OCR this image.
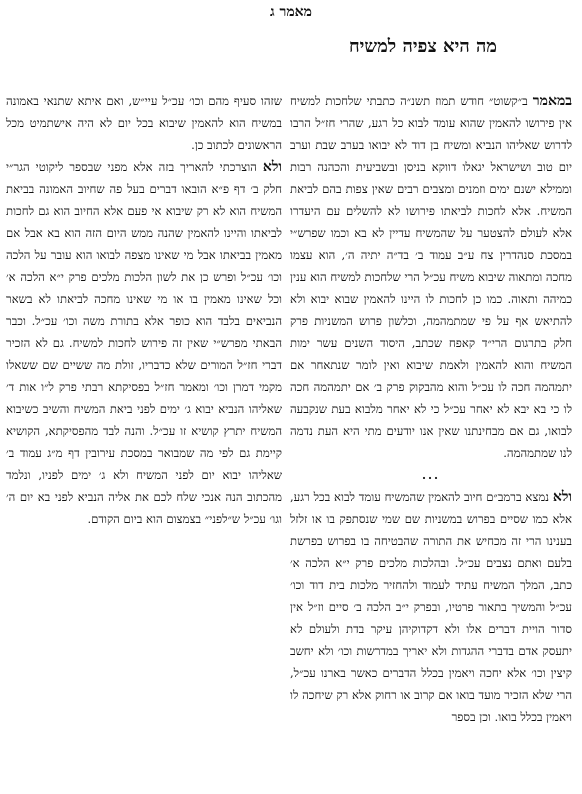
מאמר ג
מה היא צפיה למשיח

במאמר ב״קשוט״ חודש תמוז תשנ״ה כתבתי שלחכות למשיח אין פירושו להאמין שהוא עומד לבוא כל רגע, שהרי חז״ל הרבו לדרוש שאליהו הנביא ומשיח בן דוד לא יבואו בערב שבת וערב יום טוב ושישראל יגאלו דווקא בניסן ובשביעית והכהנה רבות וממילא ישנם ימים וזמנים ומצבים רבים שאין צפות בהם לביאת המשיח. אלא לחכות לביאתו פירושו לא להשלים עם היעדרו אלא לעולם להצטער על שהמשיח עדיין לא בא וכמו שפרש״י במסכת סנהדרין צח ע״ב עמוד ב׳ בד״ה יתיה ה׳, הוא עצמו מחכה ומתאוה שיבוא משיח עכ״ל הרי שלחכות למשיח הוא ענין כמיהה ותאוה. כמו כן לחכות לו היינו להאמין שבוא יבוא ולא להתיאש אף על פי שמתמהמה, וכלשון פרוש המשניות פרק חלק בתרגום הרי״ד קאפח שכתב, היסוד השנים עשר ימות המשיח והוא להאמין ולאמת שיבוא ואין לומר שנתאחר אם יתמהמה חכה לו עכ״ל והוא מהבקוק פרק ב׳ אם יתמהמה חכה לו כי בא יבא לא יאחר עכ״ל כי לא יאחר מלבוא בעת שנקבעה לבואו, גם אם מבחינתנו שאין אנו יודעים מתי היא העת נדמה לנו שמתמהמה.

...

ולא נמצא ברמב״ם חיוב להאמין שהמשיח עומד לבוא בכל רגע, אלא כמו שסיים בפרוש במשניות שם שמי שנסתפק בו או זלזל בענינו הרי זה מכחיש את התורה שהבטיחה בו בפרוש בפרשת בלעם ואתם נצבים עכ״ל. ובהלכות מלכים פרק י״א הלכה א׳ כתב, המלך המשיח עתיד לעמוד ולהחזיר מלכות בית דוד וכו׳ עכ״ל והמשיך בתאור פרטיו, ובפרק י״ב הלכה ב׳ סיים וז״ל אין סדור הויית דברים אלו ולא דקדוקיהן עיקר בדת ולעולם לא יתעסק אדם בדברי ההגדות ולא יאריך במדרשות וכו׳ ולא יחשב קיצין וכו׳ אלא יחכה ויאמין בכלל הדברים כאשר בארנו עכ״ל, הרי שלא הזכיר מועד בואו אם קרוב או רחוק אלא רק שיחכה לו ויאמין בכלל בואו. וכן בספר

שזהו סעיף מהם וכו׳ עכ״ל עיי״ש, ואם איתא שתנאי באמונה במשיח הוא להאמין שיבוא בכל יום לא היה אישתמיט מכל הראשונים לכתוב כן.

ולא הוצרכתי להאריך בזה אלא מפני שבספר ליקוטי הגר״י חלק ב׳ דף פ״א הובאו דברים בעל פה שחיוב האמונה בביאת המשיח הוא לא רק שיבוא אי פעם אלא החיוב הוא גם לחכות לביאתו והיינו להאמין שהנה ממש היום הזה הוא בא אבל אם מאמין בביאתו אבל מי שאינו מצפה לבואו הוא עובר על הלכה וכו׳ עכ״ל ופרש כן את לשון הלכות מלכים פרק י״א הלכה א׳ וכל שאינו מאמין בו או מי שאינו מחכה לביאתו לא בשאר הנביאים בלבד הוא כופר אלא בתורת משה וכו׳ עכ״ל. וכבר הבאתי מפרש״י שאין זה פירוש לחכות למשיח. גם לא הזכיר דברי חז״ל המורים שלא כדבריו, זולת מה ששיים שם ששאלו מקמי דמרן וכו׳ ומאמר חז״ל בפסיקתא רבתי פרק ל״ו אות ד׳ שאליהו הנביא יבוא ג׳ ימים לפני ביאת המשיח והשיב כשיבוא המשיח יתרץ קושיא זו עכ״ל. והנה לבד מהפסיקתא, הקושיא קיימת גם לפי מה שמבואר במסכת עירובין דף מ״ג עמוד ב׳ שאליהו יבוא יום לפני המשיח ולא ג׳ ימים לפניו, ונלמד מהכתוב הנה אנכי שלח לכם את אליה הנביא לפני בא יום ה׳ וגו׳ עכ״ל ש״לפני״ בצמצום הוא ביום הקודם.
